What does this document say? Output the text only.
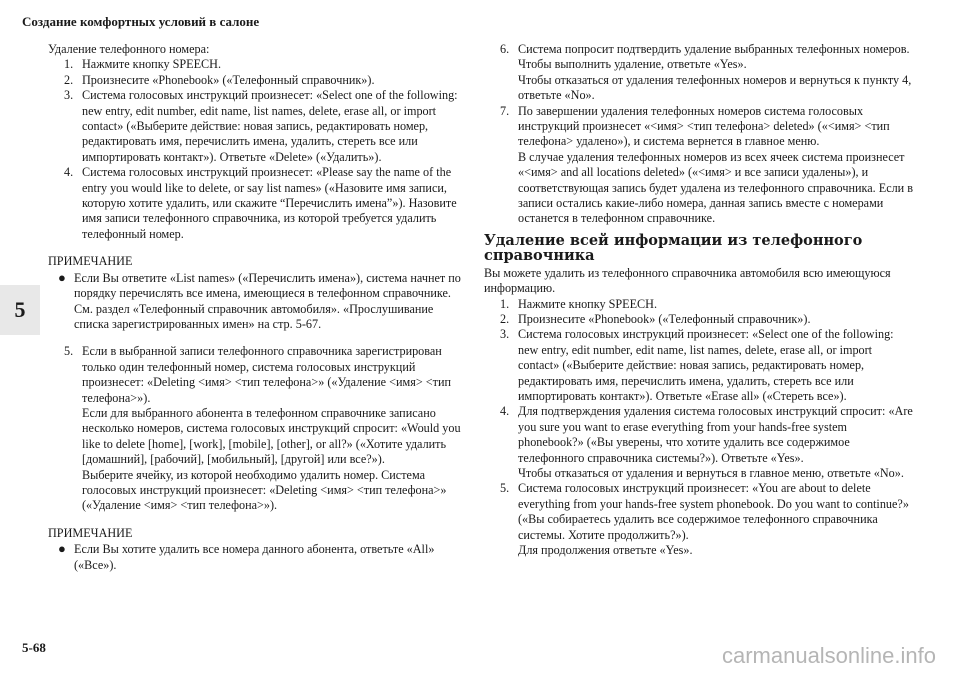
Создание комфортных условий в салоне
5

Удаление телефонного номера:

1. Нажмите кнопку SPEECH.

2. Произнесите «Phonebook» («Телефонный справочник»).

3. Система голосовых инструкций произнесет: «Select one of the following: new entry, edit number, edit name, list names, delete, erase all, or import contact» («Выберите действие: новая запись, редактировать номер, редактировать имя, перечислить имена, удалить, стереть все или импортировать контакт»). Ответьте «Delete» («Удалить»).

4. Система голосовых инструкций произнесет: «Please say the name of the entry you would like to delete, or say list names» («Назовите имя записи, которую хотите удалить, или скажите “Перечислить имена”»). Назовите имя записи телефонного справочника, из которой требуется удалить телефонный номер.

ПРИМЕЧАНИЕ

● Если Вы ответите «List names» («Перечислить имена»), система начнет по порядку перечислять все имена, имеющиеся в телефонном справочнике. См. раздел «Телефонный справочник автомобиля». «Прослушивание списка зарегистрированных имен» на стр. 5-67.

5. Если в выбранной записи телефонного справочника зарегистрирован только один телефонный номер, система голосовых инструкций произнесет: «Deleting <имя> <тип телефона>» («Удаление <имя> <тип телефона>»).

Если для выбранного абонента в телефонном справочнике записано несколько номеров, система голосовых инструкций спросит: «Would you like to delete [home], [work], [mobile], [other], or all?» («Хотите удалить [домашний], [рабочий], [мобильный], [другой] или все?»).

Выберите ячейку, из которой необходимо удалить номер. Система голосовых инструкций произнесет: «Deleting <имя> <тип телефона>» («Удаление <имя> <тип телефона>»).

ПРИМЕЧАНИЕ

● Если Вы хотите удалить все номера данного абонента, ответьте «All» («Все»).

6. Система попросит подтвердить удаление выбранных телефонных номеров. Чтобы выполнить удаление, ответьте «Yes».

Чтобы отказаться от удаления телефонных номеров и вернуться к пункту 4, ответьте «No».

7. По завершении удаления телефонных номеров система голосовых инструкций произнесет «<имя> <тип телефона> deleted» («<имя> <тип телефона> удалено»), и система вернется в главное меню.

В случае удаления телефонных номеров из всех ячеек система произнесет «<имя> and all locations deleted» («<имя> и все записи удалены»), и соответствующая запись будет удалена из телефонного справочника. Если в записи остались какие-либо номера, данная запись вместе с номерами останется в телефонном справочнике.

Удаление всей информации из телефонного справочника

Вы можете удалить из телефонного справочника автомобиля всю имеющуюся информацию.

1. Нажмите кнопку SPEECH.

2. Произнесите «Phonebook» («Телефонный справочник»).

3. Система голосовых инструкций произнесет: «Select one of the following: new entry, edit number, edit name, list names, delete, erase all, or import contact» («Выберите действие: новая запись, редактировать номер, редактировать имя, перечислить имена, удалить, стереть все или импортировать контакт»). Ответьте «Erase all» («Стереть все»).

4. Для подтверждения удаления система голосовых инструкций спросит: «Are you sure you want to erase everything from your hands-free system phonebook?» («Вы уверены, что хотите удалить все содержимое телефонного справочника системы?»). Ответьте «Yes».

Чтобы отказаться от удаления и вернуться в главное меню, ответьте «No».

5. Система голосовых инструкций произнесет: «You are about to delete everything from your hands-free system phonebook. Do you want to continue?» («Вы собираетесь удалить все содержимое телефонного справочника системы. Хотите продолжить?»).

Для продолжения ответьте «Yes».

5-68	carmanualsonline.info
